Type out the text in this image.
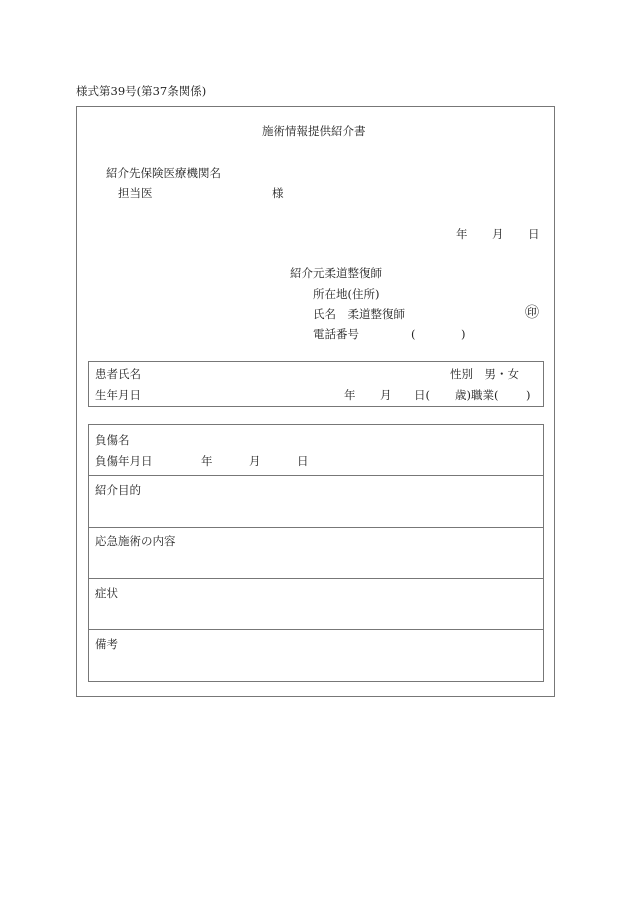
様式第39号(第37条関係)
施術情報提供紹介書
紹介先保険医療機関名
担当医	様
年 月 日
紹介元柔道整復師
所在地(住所)
氏名　柔道整復師	㊞
電話番号	(	)
患者氏名	性別　男・女
生年月日	年 月 日( 歳)職業( )
負傷名
負傷年月日	年	月	日
紹介目的
応急施術の内容
症状
備考
